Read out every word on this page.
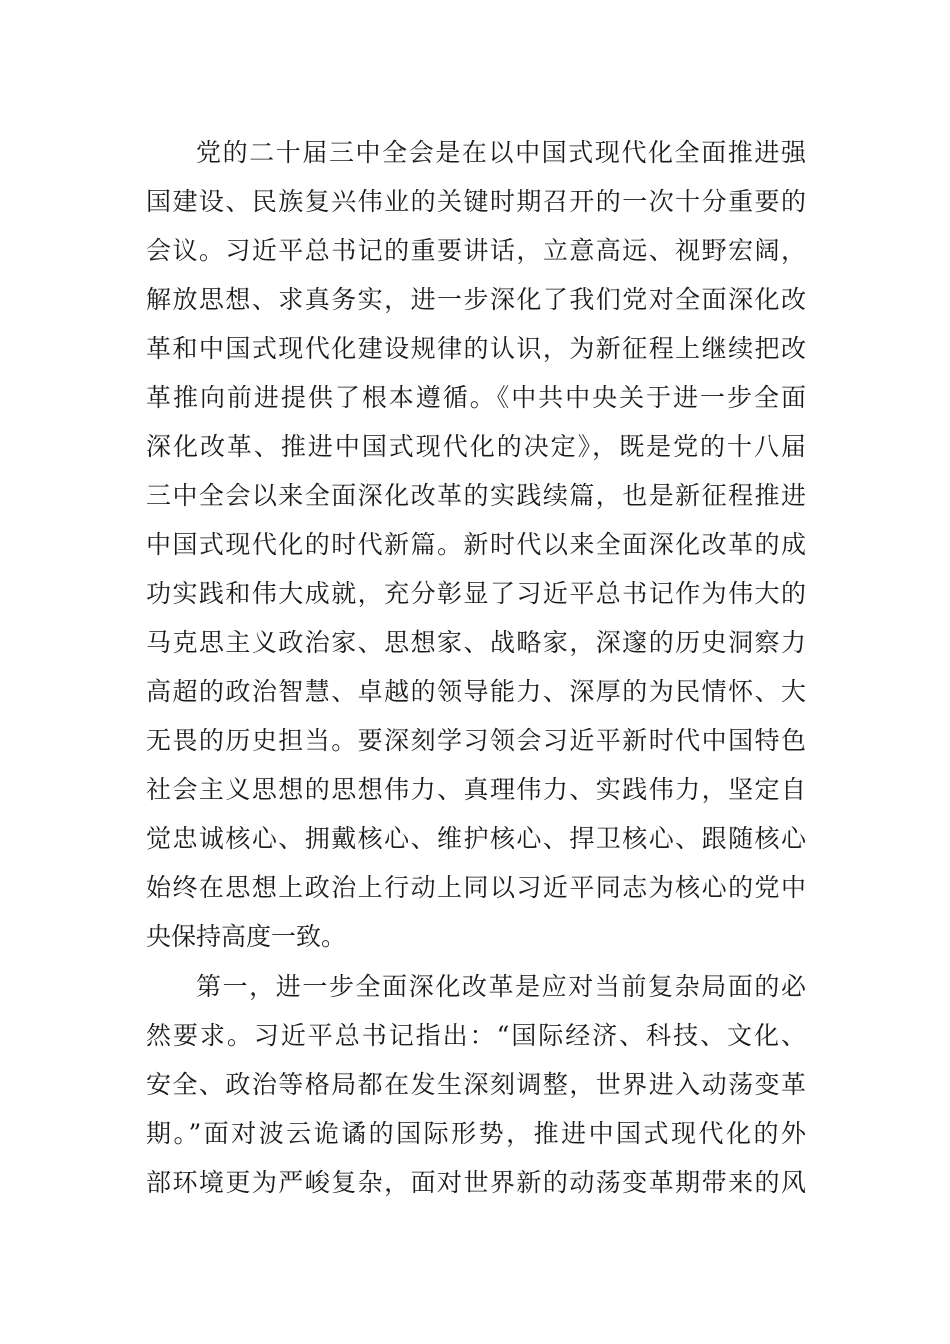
党的二十届三中全会是在以中国式现代化全面推进强
国建设、民族复兴伟业的关键时期召开的一次十分重要的
会议。习近平总书记的重要讲话，立意高远、视野宏阔，
解放思想、求真务实，进一步深化了我们党对全面深化改
革和中国式现代化建设规律的认识，为新征程上继续把改
革推向前进提供了根本遵循。《中共中央关于进一步全面
深化改革、推进中国式现代化的决定》，既是党的十八届
三中全会以来全面深化改革的实践续篇，也是新征程推进
中国式现代化的时代新篇。新时代以来全面深化改革的成
功实践和伟大成就，充分彰显了习近平总书记作为伟大的
马克思主义政治家、思想家、战略家，深邃的历史洞察力
高超的政治智慧、卓越的领导能力、深厚的为民情怀、大
无畏的历史担当。要深刻学习领会习近平新时代中国特色
社会主义思想的思想伟力、真理伟力、实践伟力，坚定自
觉忠诚核心、拥戴核心、维护核心、捍卫核心、跟随核心
始终在思想上政治上行动上同以习近平同志为核心的党中
央保持高度一致。
第一，进一步全面深化改革是应对当前复杂局面的必
然要求。习近平总书记指出：“国际经济、科技、文化、
安全、政治等格局都在发生深刻调整，世界进入动荡变革
期。”面对波云诡谲的国际形势，推进中国式现代化的外
部环境更为严峻复杂，面对世界新的动荡变革期带来的风
